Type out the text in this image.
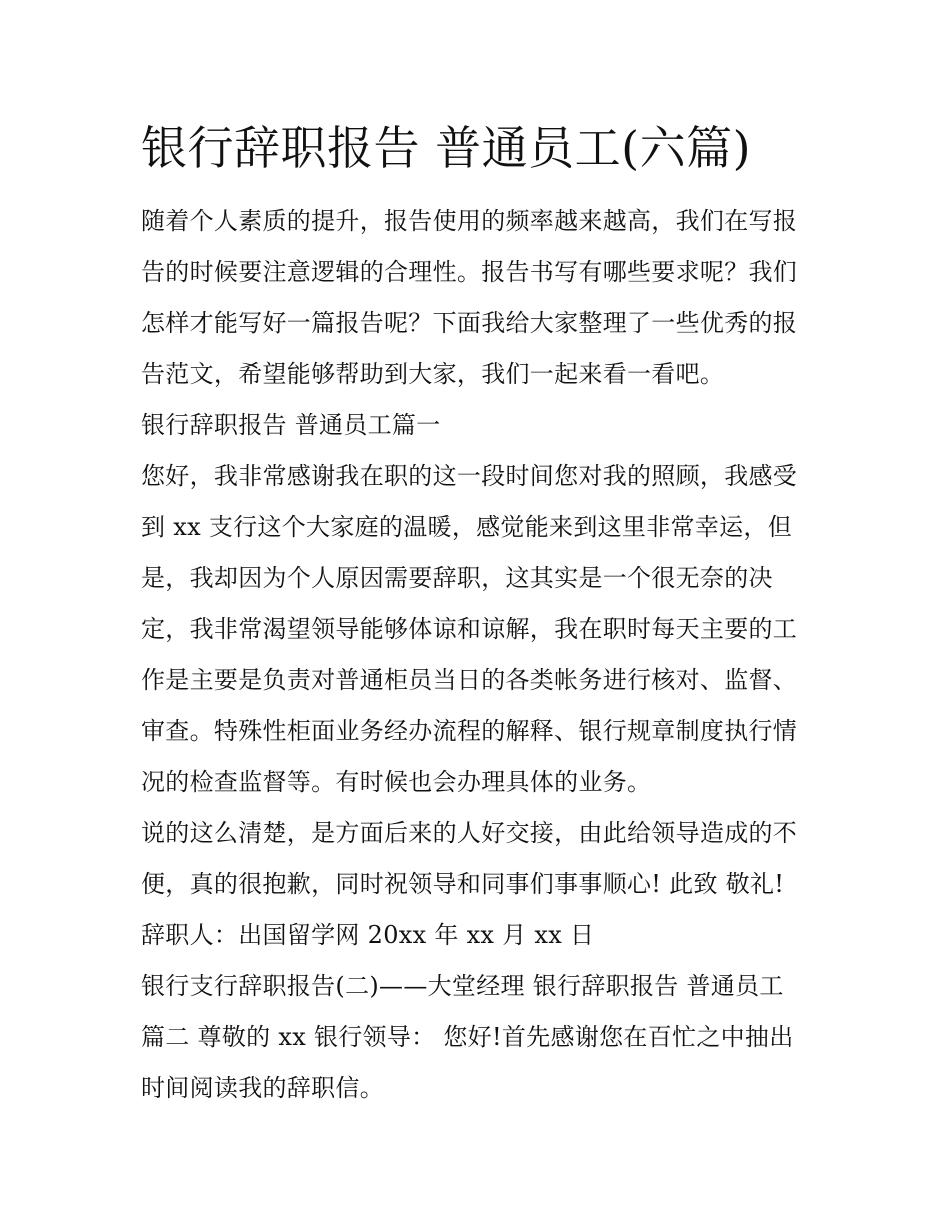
银行辞职报告 普通员工(六篇)
随着个人素质的提升，报告使用的频率越来越高，我们在写报
告的时候要注意逻辑的合理性。报告书写有哪些要求呢？我们
怎样才能写好一篇报告呢？下面我给大家整理了一些优秀的报
告范文，希望能够帮助到大家，我们一起来看一看吧。
银行辞职报告 普通员工篇一
您好，我非常感谢我在职的这一段时间您对我的照顾，我感受
到 xx 支行这个大家庭的温暖，感觉能来到这里非常幸运，但
是，我却因为个人原因需要辞职，这其实是一个很无奈的决
定，我非常渴望领导能够体谅和谅解，我在职时每天主要的工
作是主要是负责对普通柜员当日的各类帐务进行核对、监督、
审查。特殊性柜面业务经办流程的解释、银行规章制度执行情
况的检查监督等。有时候也会办理具体的业务。
说的这么清楚，是方面后来的人好交接，由此给领导造成的不
便，真的很抱歉，同时祝领导和同事们事事顺心! 此致 敬礼!
辞职人：出国留学网 20xx 年 xx 月 xx 日
银行支行辞职报告(二)——大堂经理 银行辞职报告 普通员工
篇二 尊敬的 xx 银行领导： 您好!首先感谢您在百忙之中抽出
时间阅读我的辞职信。
